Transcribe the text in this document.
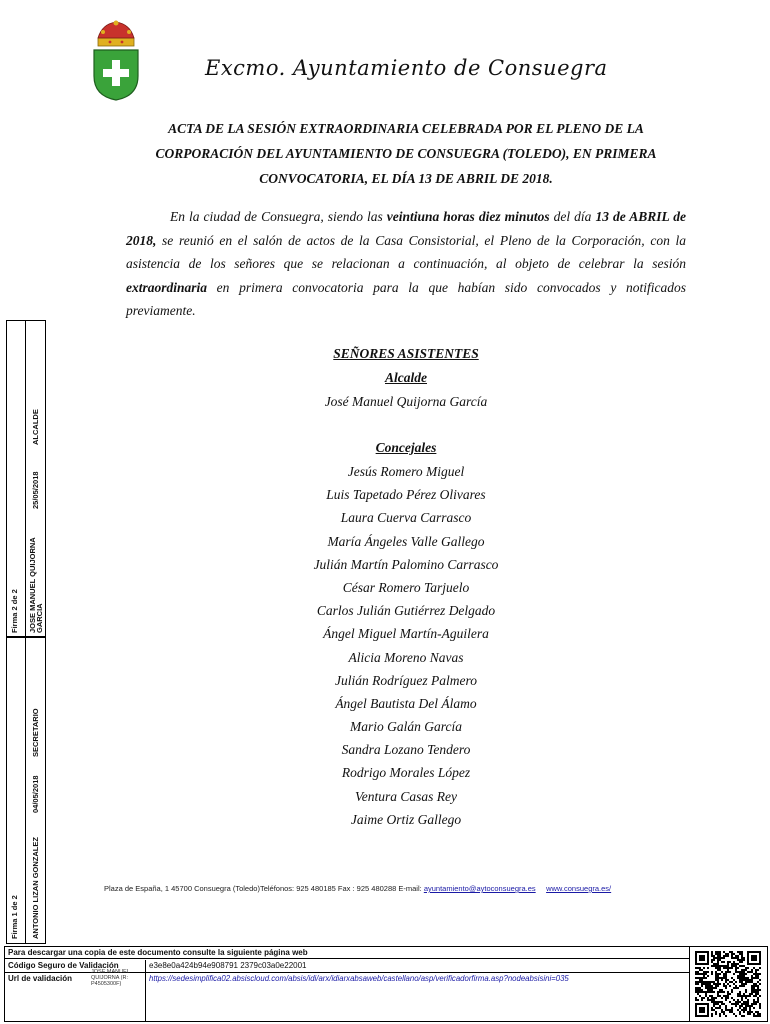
Excmo. Ayuntamiento de Consuegra
ACTA DE LA SESIÓN EXTRAORDINARIA CELEBRADA POR EL PLENO DE LA
CORPORACIÓN DEL AYUNTAMIENTO DE CONSUEGRA (TOLEDO), EN PRIMERA
CONVOCATORIA, EL DÍA 13 DE ABRIL DE 2018.
En la ciudad de Consuegra, siendo las veintiuna horas diez minutos del día 13 de ABRIL de 2018, se reunió en el salón de actos de la Casa Consistorial, el Pleno de la Corporación, con la asistencia de los señores que se relacionan a continuación, al objeto de celebrar la sesión extraordinaria en primera convocatoria para la que habían sido convocados y notificados previamente.
SEÑORES ASISTENTES
Alcalde
José Manuel Quijorna García
Concejales
Jesús Romero Miguel
Luis Tapetado Pérez Olivares
Laura Cuerva Carrasco
María Ángeles Valle Gallego
Julián Martín Palomino Carrasco
César Romero Tarjuelo
Carlos Julián Gutiérrez Delgado
Ángel Miguel Martín-Aguilera
Alicia Moreno Navas
Julián Rodríguez Palmero
Ángel Bautista Del Álamo
Mario Galán García
Sandra Lozano Tendero
Rodrigo Morales López
Ventura Casas Rey
Jaime Ortiz Gallego
Plaza de España, 1 45700 Consuegra (Toledo)Teléfonos: 925 480185 Fax : 925 480288 E-mail: ayuntamiento@aytoconsuegra.es www.consuegra.es/
Firma 2 de 2 JOSE MANUEL QUIJORNA
GARCIA
25/05/2018
ALCALDE
Firma 1 de 2 ANTONIO LIZAN GONZALEZ
04/05/2018
SECRETARIO
Para descargar una copia de este documento consulte la siguiente página web
Código Seguro de Validación	e3e8e0a424b94e908791 2379c03a0e22001
Url de validación
JOSE MANUEL QUIJORNA (R: P4505300F)
https://sedesimplifica02.absiscloud.com/absis/idi/arx/idiarxabsaweb/castellano/asp/verificadorfirma.asp?nodeabsisini=035
